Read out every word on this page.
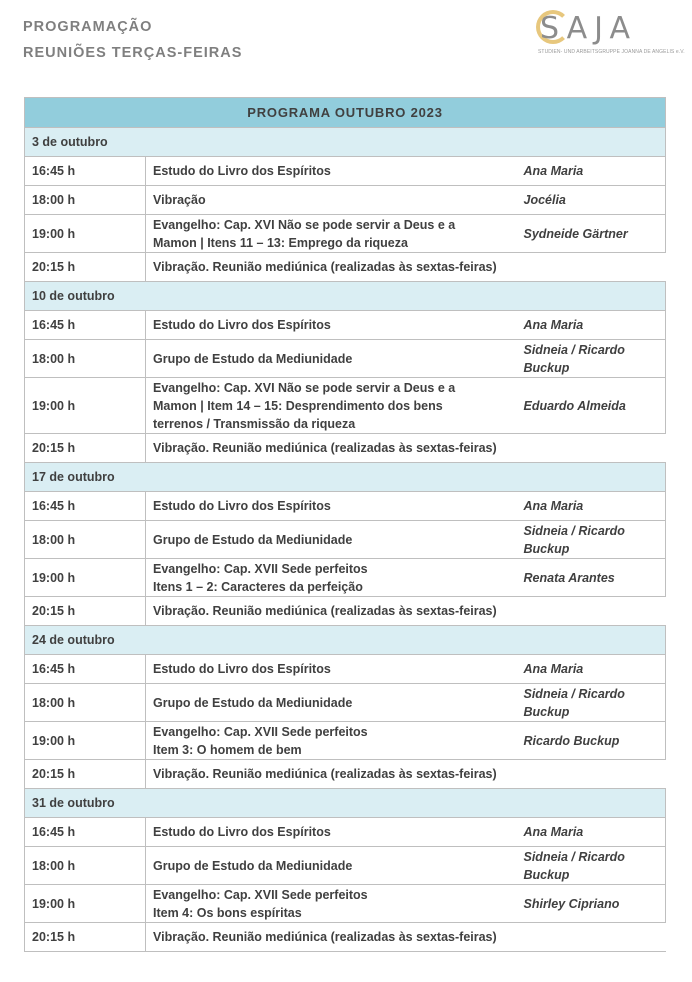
PROGRAMAÇÃO
REUNIÕES TERÇAS-FEIRAS
SAJA
STUDIEN- UND ARBEITSGRUPPE JOANNA DE ANGELIS e.V.
PROGRAMA OUTUBRO 2023		
3 de outubro		
16:45 h	Estudo do Livro dos Espíritos	Ana Maria

18:00 h	Vibração	Jocélia

19:00 h	Evangelho: Cap. XVI Não se pode servir a Deus e a
Mamon | Itens 11 – 13: Emprego da riqueza	Sydneide Gärtner

20:15 h	Vibração. Reunião mediúnica (realizadas às sextas-feiras)	

10 de outubro		
16:45 h	Estudo do Livro dos Espíritos	Ana Maria

18:00 h	Grupo de Estudo da Mediunidade	Sidneia / Ricardo
Buckup

19:00 h	Evangelho: Cap. XVI Não se pode servir a Deus e a
Mamon | Item 14 – 15: Desprendimento dos bens
terrenos / Transmissão da riqueza	Eduardo Almeida

20:15 h	Vibração. Reunião mediúnica (realizadas às sextas-feiras)	

17 de outubro		
16:45 h	Estudo do Livro dos Espíritos	Ana Maria

18:00 h	Grupo de Estudo da Mediunidade	Sidneia / Ricardo
Buckup

19:00 h	Evangelho: Cap. XVII Sede perfeitos
Itens 1 – 2: Caracteres da perfeição	Renata Arantes

20:15 h	Vibração. Reunião mediúnica (realizadas às sextas-feiras)	

24 de outubro		
16:45 h	Estudo do Livro dos Espíritos	Ana Maria

18:00 h	Grupo de Estudo da Mediunidade	Sidneia / Ricardo
Buckup

19:00 h	Evangelho: Cap. XVII Sede perfeitos
Item 3: O homem de bem	Ricardo Buckup

20:15 h	Vibração. Reunião mediúnica (realizadas às sextas-feiras)	

31 de outubro		
16:45 h	Estudo do Livro dos Espíritos	Ana Maria

18:00 h	Grupo de Estudo da Mediunidade	Sidneia / Ricardo
Buckup

19:00 h	Evangelho: Cap. XVII Sede perfeitos
Item 4: Os bons espíritas	Shirley Cipriano

20:15 h	Vibração. Reunião mediúnica (realizadas às sextas-feiras)	
